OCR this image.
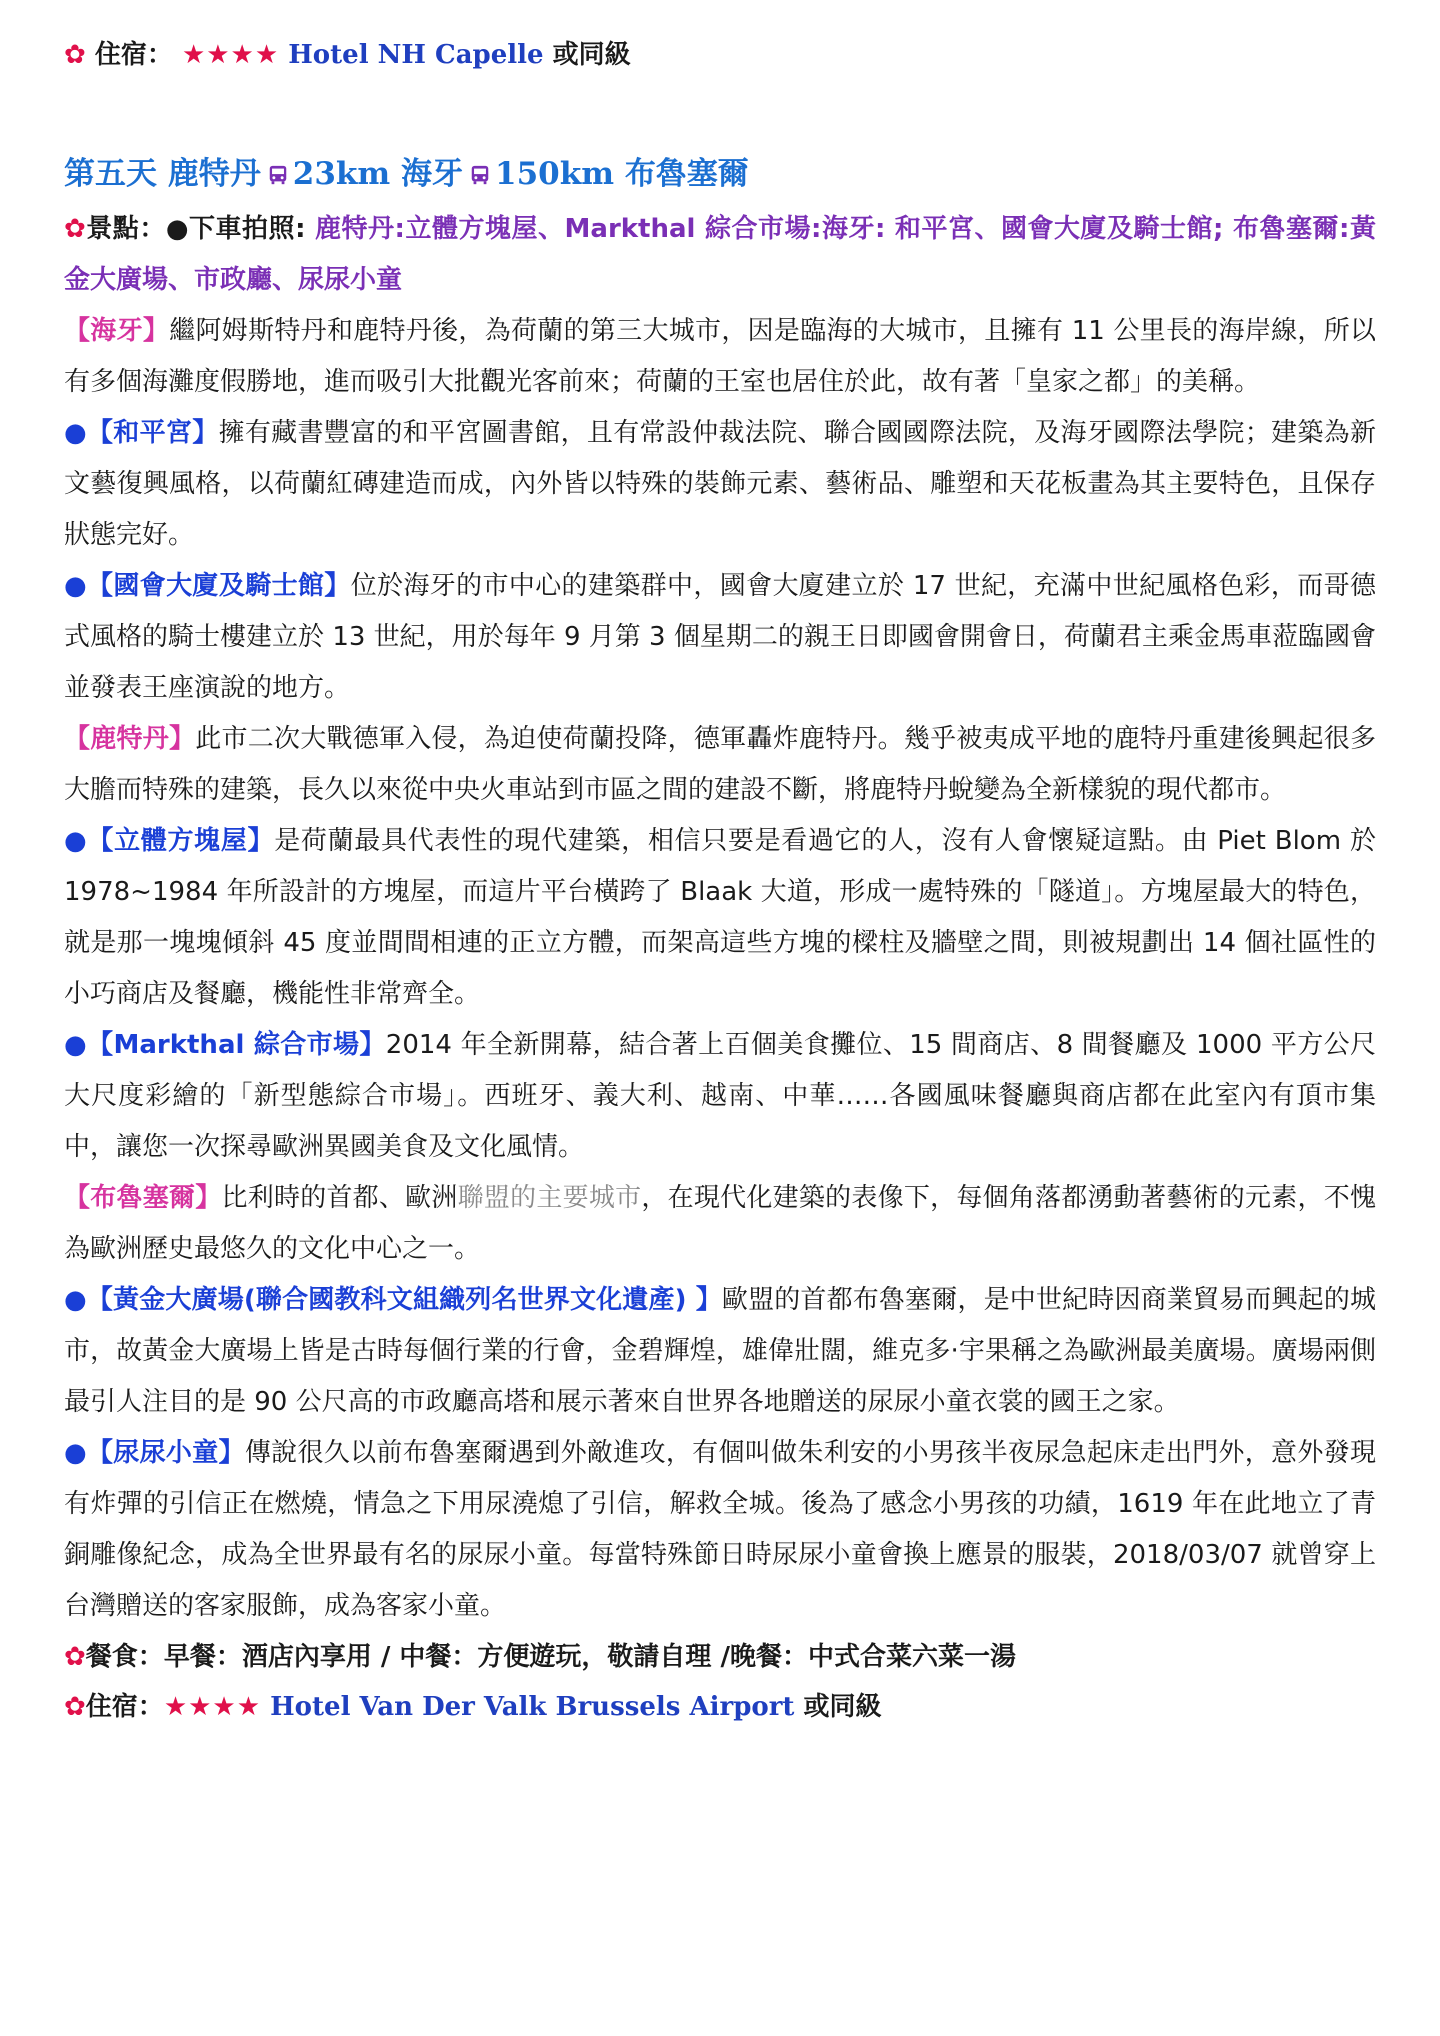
✿ 住宿： ★★★★ Hotel NH Capelle 或同級
第五天 鹿特丹 23km 海牙 150km 布魯塞爾
✿景點：●下車拍照: 鹿特丹:立體方塊屋、Markthal 綜合市場:海牙: 和平宮、國會大廈及騎士館; 布魯塞爾:黃金大廣場、市政廳、尿尿小童
【海牙】繼阿姆斯特丹和鹿特丹後，為荷蘭的第三大城市，因是臨海的大城市，且擁有 11 公里長的海岸線，所以有多個海灘度假勝地，進而吸引大批觀光客前來；荷蘭的王室也居住於此，故有著「皇家之都」的美稱。
●【和平宮】擁有藏書豐富的和平宮圖書館，且有常設仲裁法院、聯合國國際法院，及海牙國際法學院；建築為新文藝復興風格，以荷蘭紅磚建造而成，內外皆以特殊的裝飾元素、藝術品、雕塑和天花板畫為其主要特色，且保存狀態完好。
●【國會大廈及騎士館】位於海牙的市中心的建築群中，國會大廈建立於 17 世紀，充滿中世紀風格色彩，而哥德式風格的騎士樓建立於 13 世紀，用於每年 9 月第 3 個星期二的親王日即國會開會日，荷蘭君主乘金馬車蒞臨國會並發表王座演說的地方。
【鹿特丹】此市二次大戰德軍入侵，為迫使荷蘭投降，德軍轟炸鹿特丹。幾乎被夷成平地的鹿特丹重建後興起很多大膽而特殊的建築，長久以來從中央火車站到市區之間的建設不斷，將鹿特丹蛻變為全新樣貌的現代都市。
●【立體方塊屋】是荷蘭最具代表性的現代建築，相信只要是看過它的人，沒有人會懷疑這點。由 Piet Blom 於 1978~1984 年所設計的方塊屋，而這片平台橫跨了 Blaak 大道，形成一處特殊的「隧道」。方塊屋最大的特色，就是那一塊塊傾斜 45 度並間間相連的正立方體，而架高這些方塊的樑柱及牆壁之間，則被規劃出 14 個社區性的小巧商店及餐廳，機能性非常齊全。
●【Markthal 綜合市場】2014 年全新開幕，結合著上百個美食攤位、15 間商店、8 間餐廳及 1000 平方公尺大尺度彩繪的「新型態綜合市場」。西班牙、義大利、越南、中華……各國風味餐廳與商店都在此室內有頂市集中，讓您一次探尋歐洲異國美食及文化風情。
【布魯塞爾】比利時的首都、歐洲聯盟的主要城市，在現代化建築的表像下，每個角落都湧動著藝術的元素，不愧為歐洲歷史最悠久的文化中心之一。
●【黃金大廣場(聯合國教科文組織列名世界文化遺產) 】歐盟的首都布魯塞爾，是中世紀時因商業貿易而興起的城市，故黃金大廣場上皆是古時每個行業的行會，金碧輝煌，雄偉壯闊，維克多·宇果稱之為歐洲最美廣場。廣場兩側最引人注目的是 90 公尺高的市政廳高塔和展示著來自世界各地贈送的尿尿小童衣裳的國王之家。
●【尿尿小童】傳說很久以前布魯塞爾遇到外敵進攻，有個叫做朱利安的小男孩半夜尿急起床走出門外，意外發現有炸彈的引信正在燃燒，情急之下用尿澆熄了引信，解救全城。後為了感念小男孩的功績，1619 年在此地立了青銅雕像紀念，成為全世界最有名的尿尿小童。每當特殊節日時尿尿小童會換上應景的服裝，2018/03/07 就曾穿上台灣贈送的客家服飾，成為客家小童。
✿餐食：早餐：酒店內享用 / 中餐：方便遊玩，敬請自理 /晚餐：中式合菜六菜一湯
✿住宿：★★★★ Hotel Van Der Valk Brussels Airport 或同級
